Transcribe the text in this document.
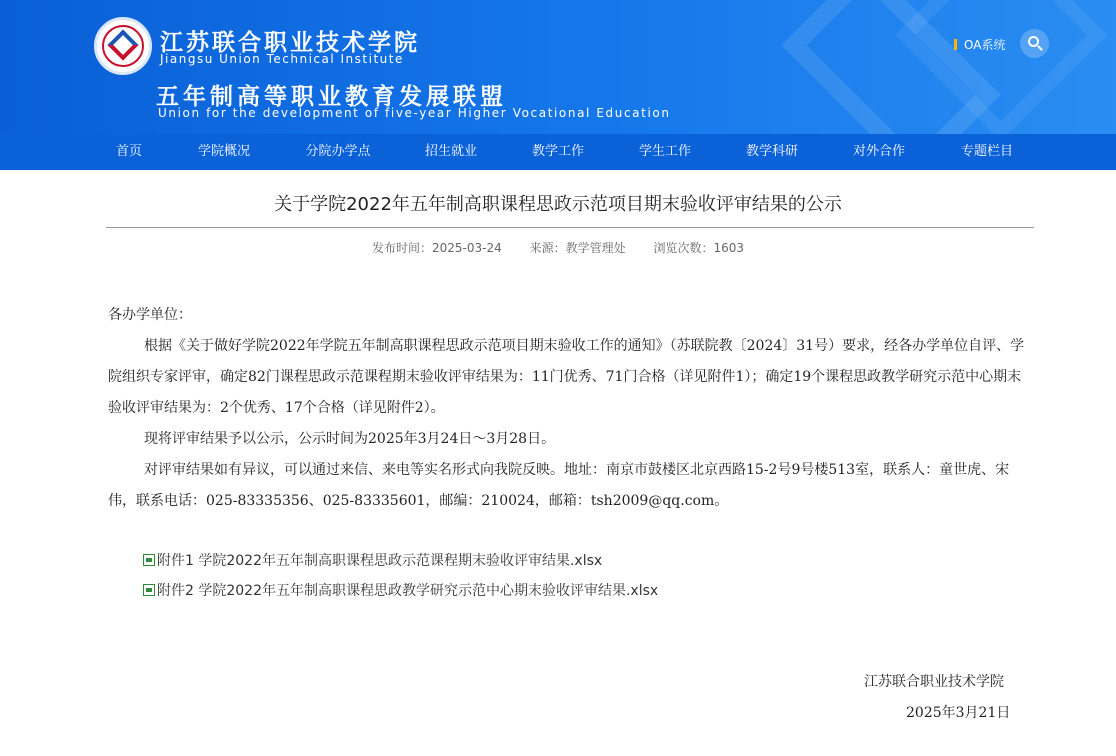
江苏联合职业技术学院
Jiangsu Union Technical Institute
五年制高等职业教育发展联盟
Union for the development of five-year Higher Vocational Education
OA系统
首页	学院概况	分院办学点	招生就业	教学工作	学生工作	教学科研	对外合作	专题栏目
关于学院2022年五年制高职课程思政示范项目期末验收评审结果的公示
发布时间：2025-03-24 来源：教学管理处 浏览次数：1603
各办学单位：
根据《关于做好学院2022年学院五年制高职课程思政示范项目期末验收工作的通知》（苏联院教〔2024〕31号）要求，经各办学单位自评、学院组织专家评审，确定82门课程思政示范课程期末验收评审结果为：11门优秀、71门合格（详见附件1）；确定19个课程思政教学研究示范中心期末验收评审结果为：2个优秀、17个合格（详见附件2）。
现将评审结果予以公示，公示时间为2025年3月24日～3月28日。
对评审结果如有异议，可以通过来信、来电等实名形式向我院反映。地址：南京市鼓楼区北京西路15-2号9号楼513室，联系人：童世虎、宋伟，联系电话：025-83335356、025-83335601，邮编：210024，邮箱：tsh2009@qq.com。
附件1 学院2022年五年制高职课程思政示范课程期末验收评审结果.xlsx
附件2 学院2022年五年制高职课程思政教学研究示范中心期末验收评审结果.xlsx
江苏联合职业技术学院
2025年3月21日
